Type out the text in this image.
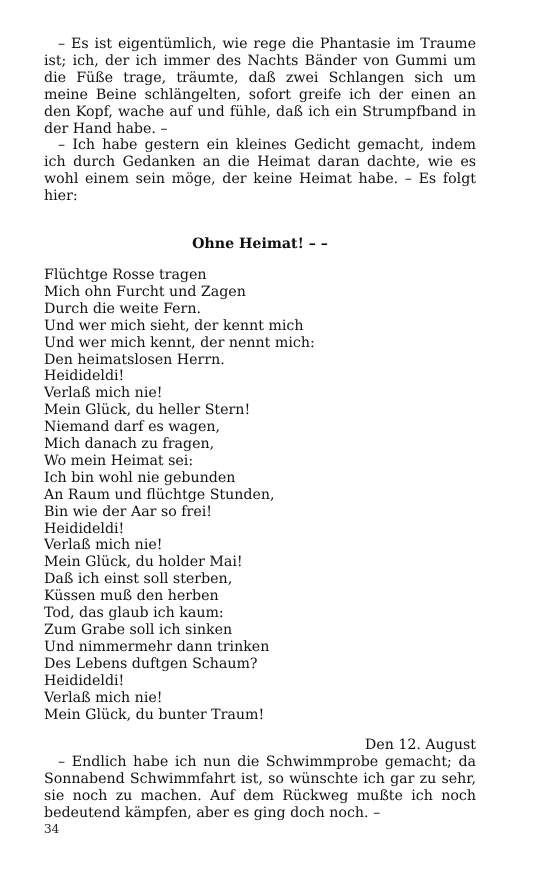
– Es ist eigentümlich, wie rege die Phantasie im Traume ist; ich, der ich immer des Nachts Bänder von Gummi um die Füße trage, träumte, daß zwei Schlangen sich um meine Beine schlängelten, sofort greife ich der einen an den Kopf, wache auf und fühle, daß ich ein Strumpfband in der Hand habe. –

– Ich habe gestern ein kleines Gedicht gemacht, indem ich durch Gedanken an die Heimat daran dachte, wie es wohl einem sein möge, der keine Heimat habe. – Es folgt hier:

Ohne Heimat! – –
Flüchtge Rosse tragen
Mich ohn Furcht und Zagen
Durch die weite Fern.
Und wer mich sieht, der kennt mich
Und wer mich kennt, der nennt mich:
Den heimatslosen Herrn.
Heidideldi!
Verlaß mich nie!
Mein Glück, du heller Stern!
Niemand darf es wagen,
Mich danach zu fragen,
Wo mein Heimat sei:
Ich bin wohl nie gebunden
An Raum und flüchtge Stunden,
Bin wie der Aar so frei!
Heidideldi!
Verlaß mich nie!
Mein Glück, du holder Mai!
Daß ich einst soll sterben,
Küssen muß den herben
Tod, das glaub ich kaum:
Zum Grabe soll ich sinken
Und nimmermehr dann trinken
Des Lebens duftgen Schaum?
Heidideldi!
Verlaß mich nie!
Mein Glück, du bunter Traum!
Den 12. August

– Endlich habe ich nun die Schwimmprobe gemacht; da Sonnabend Schwimmfahrt ist, so wünschte ich gar zu sehr, sie noch zu machen. Auf dem Rückweg mußte ich noch bedeutend kämpfen, aber es ging doch noch. –

34
